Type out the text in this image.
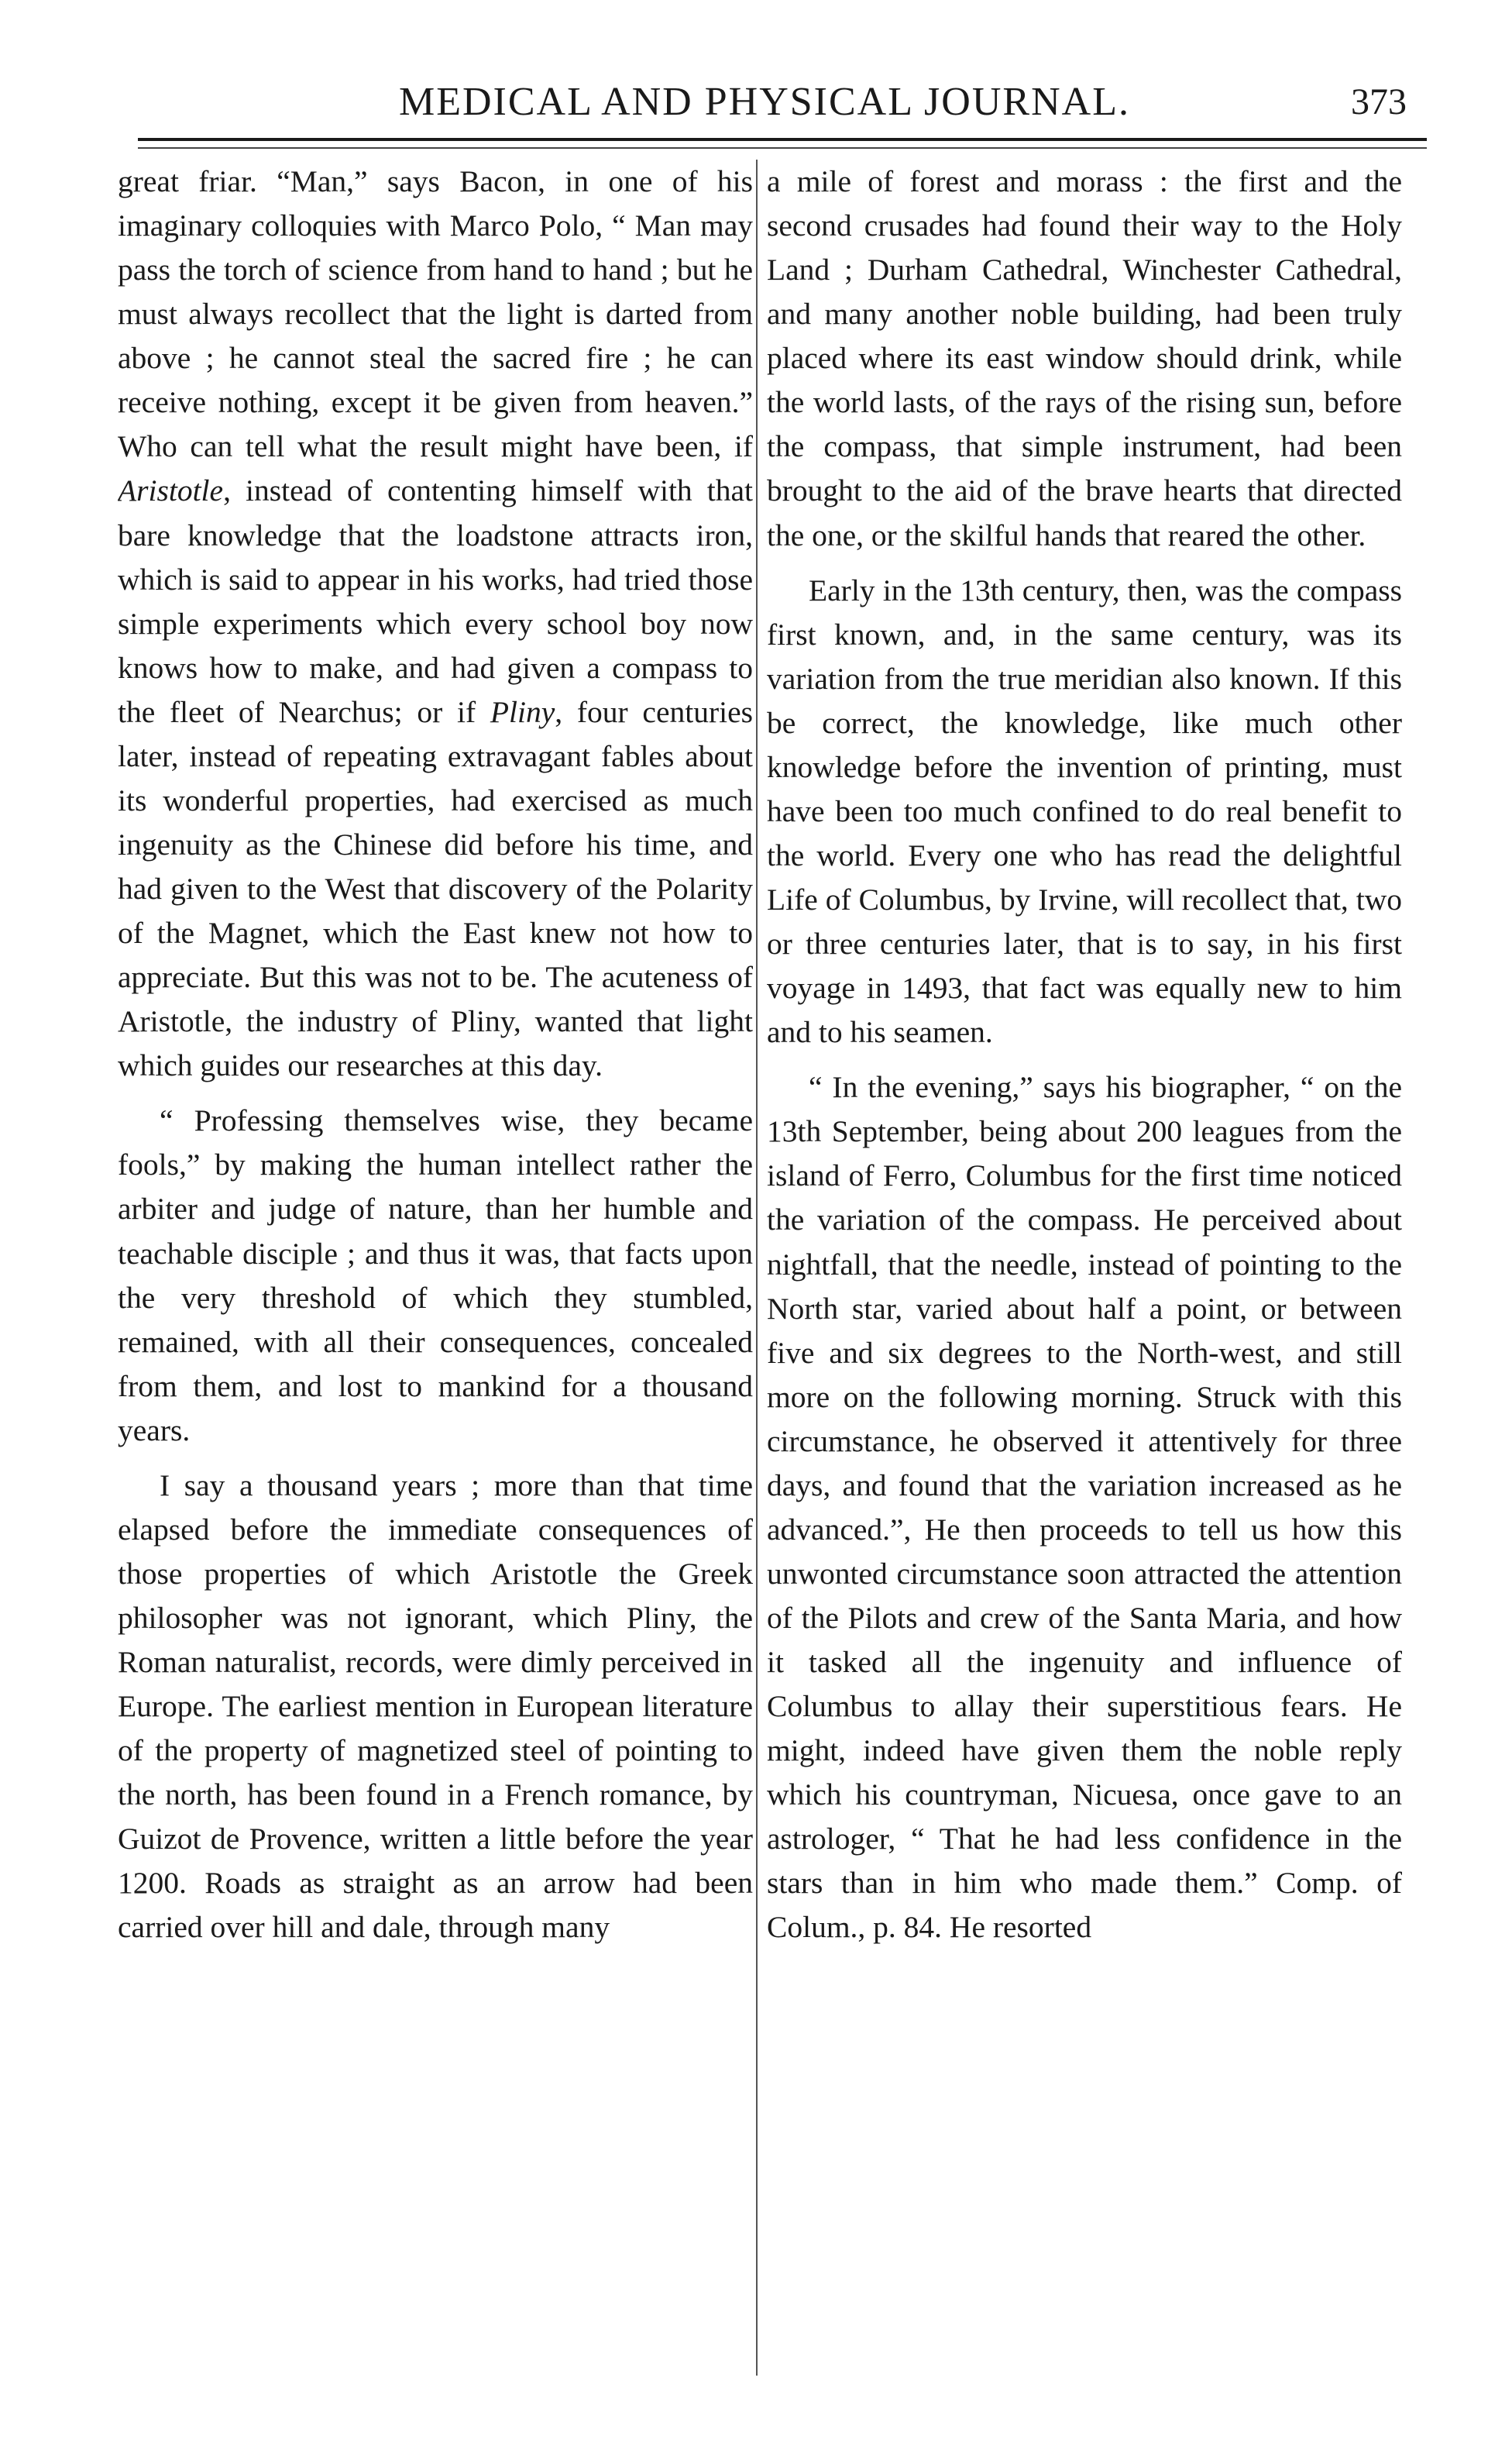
MEDICAL AND PHYSICAL JOURNAL.	373

great friar. “Man,” says Bacon, in one of his imaginary colloquies with Marco Polo, “ Man may pass the torch of science from hand to hand ; but he must always recollect that the light is darted from above ; he cannot steal the sacred fire ; he can receive nothing, except it be given from heaven.” Who can tell what the result might have been, if Aristotle, instead of contenting himself with that bare knowledge that the loadstone attracts iron, which is said to appear in his works, had tried those simple experiments which every school boy now knows how to make, and had given a compass to the fleet of Nearchus; or if Pliny, four centuries later, instead of repeating extravagant fables about its wonderful properties, had exercised as much ingenuity as the Chinese did before his time, and had given to the West that discovery of the Polarity of the Magnet, which the East knew not how to appreciate. But this was not to be. The acuteness of Aristotle, the industry of Pliny, wanted that light which guides our researches at this day.

“ Professing themselves wise, they became fools,” by making the human intellect rather the arbiter and judge of nature, than her humble and teachable disciple ; and thus it was, that facts upon the very threshold of which they stumbled, remained, with all their consequences, concealed from them, and lost to mankind for a thousand years.

I say a thousand years ; more than that time elapsed before the immediate consequences of those properties of which Aristotle the Greek philosopher was not ignorant, which Pliny, the Roman naturalist, records, were dimly perceived in Europe. The earliest mention in European literature of the property of magnetized steel of pointing to the north, has been found in a French romance, by Guizot de Provence, written a little before the year 1200. Roads as straight as an arrow had been carried over hill and dale, through many

a mile of forest and morass : the first and the second crusades had found their way to the Holy Land ; Durham Cathedral, Winchester Cathedral, and many another noble building, had been truly placed where its east window should drink, while the world lasts, of the rays of the rising sun, before the compass, that simple instrument, had been brought to the aid of the brave hearts that directed the one, or the skilful hands that reared the other.

Early in the 13th century, then, was the compass first known, and, in the same century, was its variation from the true meridian also known. If this be correct, the knowledge, like much other knowledge before the invention of printing, must have been too much confined to do real benefit to the world. Every one who has read the delightful Life of Columbus, by Irvine, will recollect that, two or three centuries later, that is to say, in his first voyage in 1493, that fact was equally new to him and to his seamen.

“ In the evening,” says his biographer, “ on the 13th September, being about 200 leagues from the island of Ferro, Columbus for the first time noticed the variation of the compass. He perceived about nightfall, that the needle, instead of pointing to the North star, varied about half a point, or between five and six degrees to the North-west, and still more on the following morning. Struck with this circumstance, he observed it attentively for three days, and found that the variation increased as he advanced.”, He then proceeds to tell us how this unwonted circumstance soon attracted the attention of the Pilots and crew of the Santa Maria, and how it tasked all the ingenuity and influence of Columbus to allay their superstitious fears. He might, indeed have given them the noble reply which his countryman, Nicuesa, once gave to an astrologer, “ That he had less confidence in the stars than in him who made them.” Comp. of Colum., p. 84. He resorted
